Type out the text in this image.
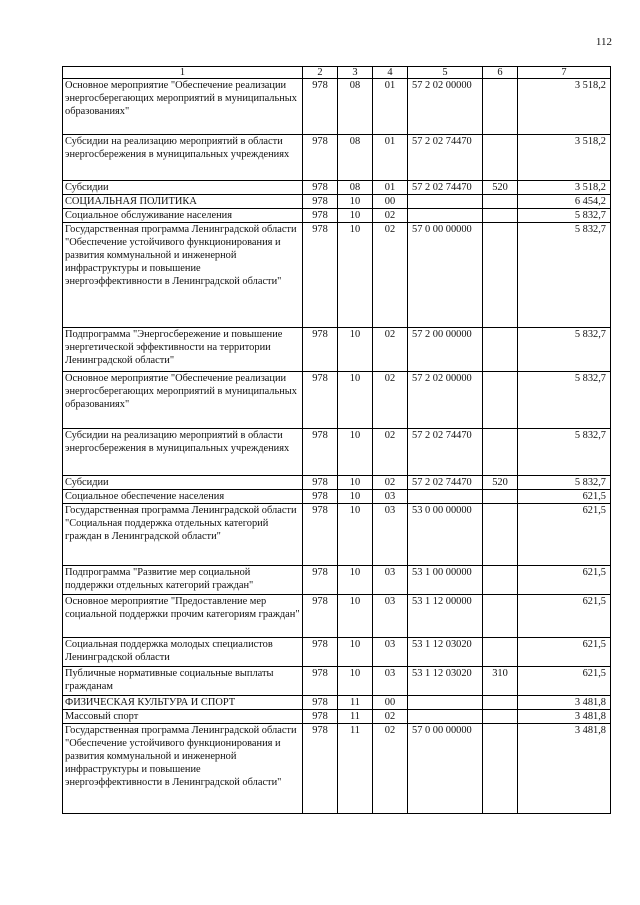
112
1	2	3	4	5	6	7
Основное мероприятие "Обеспечение реализации энергосберегающих мероприятий в муниципальных образованиях"	978	08	01	57 2 02 00000		3 518,2
Субсидии на реализацию мероприятий в области энергосбережения в муниципальных учреждениях	978	08	01	57 2 02 74470		3 518,2
Субсидии	978	08	01	57 2 02 74470	520	3 518,2
СОЦИАЛЬНАЯ ПОЛИТИКА	978	10	00			6 454,2
Социальное обслуживание населения	978	10	02			5 832,7
Государственная программа Ленинградской области "Обеспечение устойчивого функционирования и развития коммунальной и инженерной инфраструктуры и повышение энергоэффективности в Ленинградской области"	978	10	02	57 0 00 00000		5 832,7
Подпрограмма "Энергосбережение и повышение энергетической эффективности на территории Ленинградской области"	978	10	02	57 2 00 00000		5 832,7
Основное мероприятие "Обеспечение реализации энергосберегающих мероприятий в муниципальных образованиях"	978	10	02	57 2 02 00000		5 832,7
Субсидии на реализацию мероприятий в области энергосбережения в муниципальных учреждениях	978	10	02	57 2 02 74470		5 832,7
Субсидии	978	10	02	57 2 02 74470	520	5 832,7
Социальное обеспечение населения	978	10	03			621,5
Государственная программа Ленинградской области "Социальная поддержка отдельных категорий граждан в Ленинградской области"	978	10	03	53 0 00 00000		621,5
Подпрограмма "Развитие мер социальной поддержки отдельных категорий граждан"	978	10	03	53 1 00 00000		621,5
Основное мероприятие "Предоставление мер социальной поддержки прочим категориям граждан"	978	10	03	53 1 12 00000		621,5
Социальная поддержка молодых специалистов Ленинградской области	978	10	03	53 1 12 03020		621,5
Публичные нормативные социальные выплаты гражданам	978	10	03	53 1 12 03020	310	621,5
ФИЗИЧЕСКАЯ КУЛЬТУРА И СПОРТ	978	11	00			3 481,8
Массовый спорт	978	11	02			3 481,8
Государственная программа Ленинградской области "Обеспечение устойчивого функционирования и развития коммунальной и инженерной инфраструктуры и повышение энергоэффективности в Ленинградской области"	978	11	02	57 0 00 00000		3 481,8
